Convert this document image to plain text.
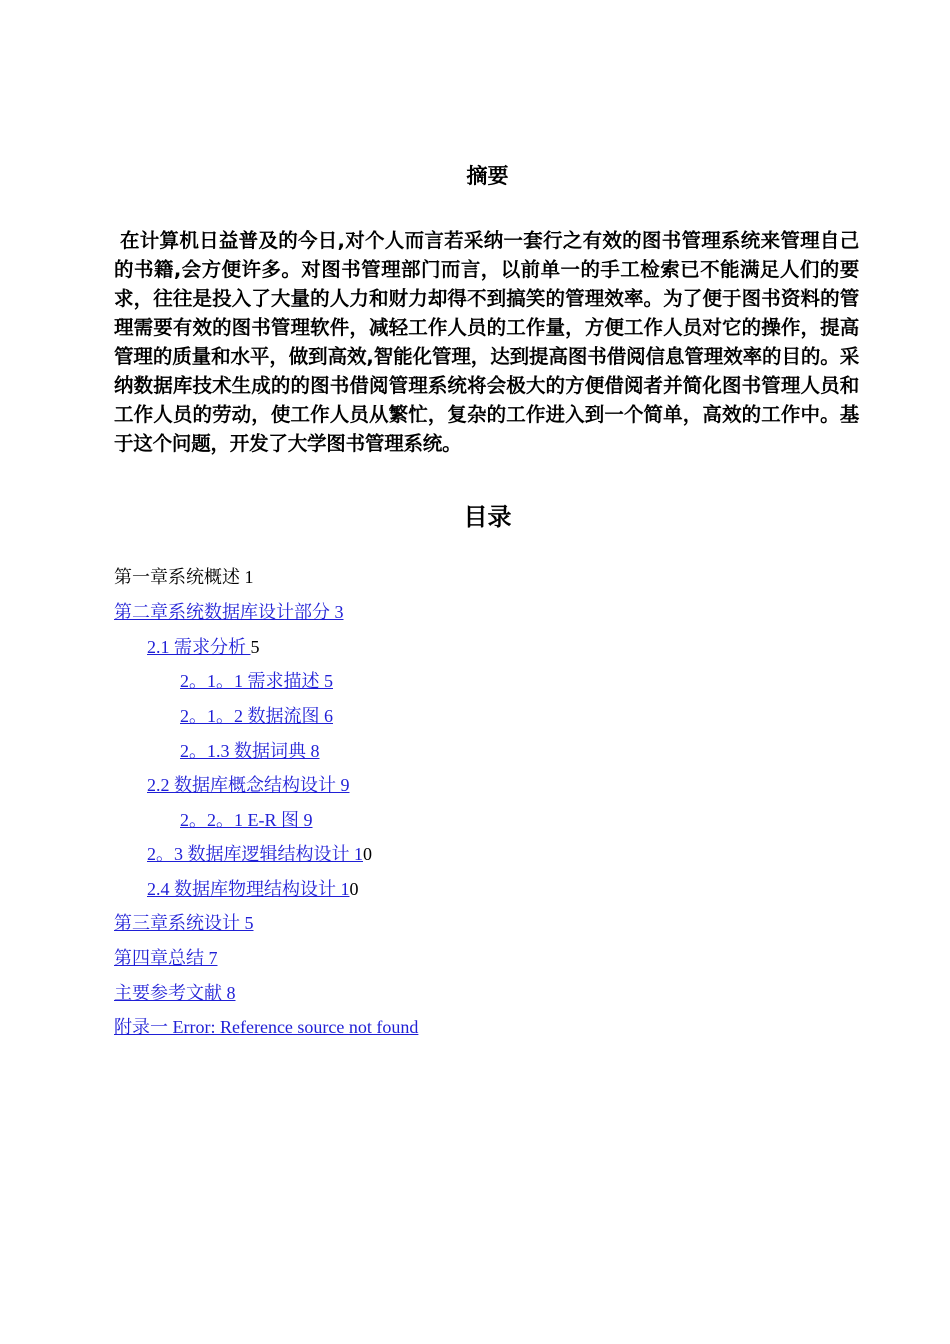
摘要
在计算机日益普及的今日,对个人而言若采纳一套行之有效的图书管理系统来管理自己的书籍,会方便许多。对图书管理部门而言，以前单一的手工检索已不能满足人们的要求，往往是投入了大量的人力和财力却得不到搞笑的管理效率。为了便于图书资料的管理需要有效的图书管理软件，减轻工作人员的工作量，方便工作人员对它的操作，提高管理的质量和水平，做到高效,智能化管理，达到提高图书借阅信息管理效率的目的。采纳数据库技术生成的的图书借阅管理系统将会极大的方便借阅者并简化图书管理人员和工作人员的劳动，使工作人员从繁忙，复杂的工作进入到一个简单，高效的工作中。基于这个问题，开发了大学图书管理系统。
目录
第一章系统概述 1
第二章系统数据库设计部分 3
2.1 需求分析 5
2。1。1 需求描述 5
2。1。2 数据流图 6
2。1.3 数据词典 8
2.2 数据库概念结构设计 9
2。2。1 E-R 图 9
2。3 数据库逻辑结构设计 10
2.4 数据库物理结构设计 10
第三章系统设计 5
第四章总结 7
主要参考文献 8
附录一 Error: Reference source not found
